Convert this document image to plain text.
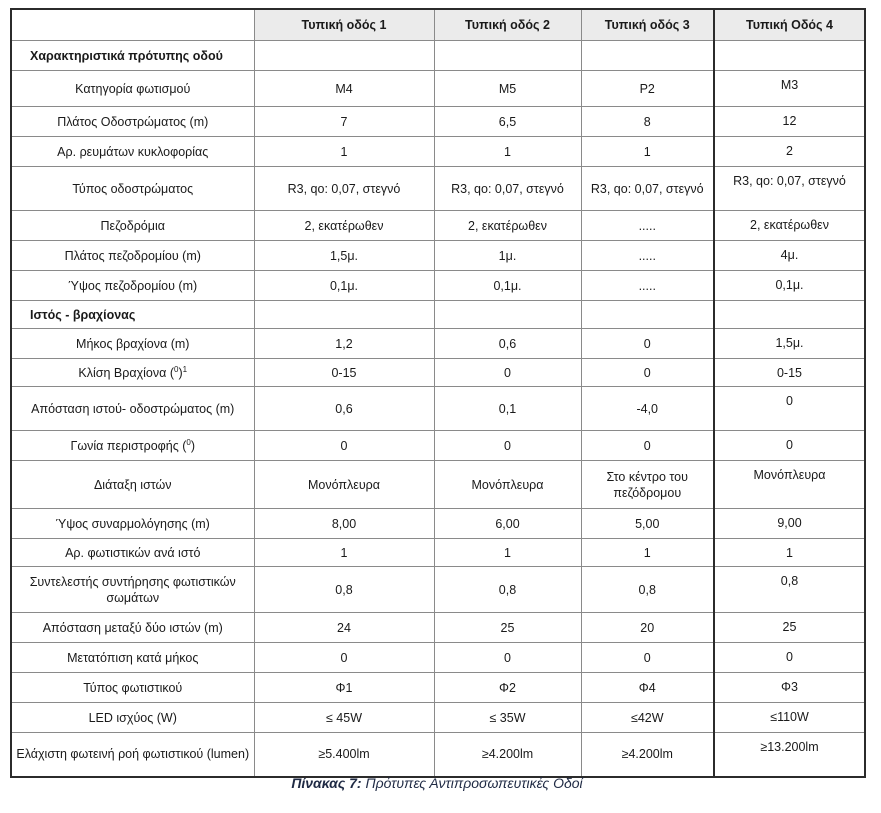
	Τυπική οδός 1	Τυπική οδός 2	Τυπική οδός 3	Τυπική Οδός 4
Χαρακτηριστικά πρότυπης οδού				
Κατηγορία φωτισμού	Μ4	Μ5	Ρ2	Μ3
Πλάτος Οδοστρώματος (m)	7	6,5	8	12
Αρ. ρευμάτων κυκλοφορίας	1	1	1	2
Τύπος οδοστρώματος	R3, qo: 0,07, στεγνό	R3, qo: 0,07, στεγνό	R3, qo: 0,07, στεγνό	R3, qo: 0,07, στεγνό
Πεζοδρόμια	2, εκατέρωθεν	2, εκατέρωθεν	.....	2, εκατέρωθεν
Πλάτος πεζοδρομίου (m)	1,5μ.	1μ.	.....	4μ.
Ύψος πεζοδρομίου (m)	0,1μ.	0,1μ.	.....	0,1μ.
Ιστός - βραχίονας				
Μήκος βραχίονα (m)	1,2	0,6	0	1,5μ.
Κλίση Βραχίονα $(^0)^1$	0-15	0	0	0-15
Απόσταση ιστού- οδοστρώματος (m)	0,6	0,1	-4,0	0
Γωνία περιστροφής ($^0$)	0	0	0	0
Διάταξη ιστών	Μονόπλευρα	Μονόπλευρα	Στο κέντρο του πεζόδρομου	Μονόπλευρα
Ύψος συναρμολόγησης (m)	8,00	6,00	5,00	9,00
Αρ. φωτιστικών ανά ιστό	1	1	1	1
Συντελεστής συντήρησης φωτιστικών σωμάτων	0,8	0,8	0,8	0,8
Απόσταση μεταξύ δύο ιστών (m)	24	25	20	25
Μετατόπιση κατά μήκος	0	0	0	0
Τύπος φωτιστικού	Φ1	Φ2	Φ4	Φ3
LED ισχύος (W)	≤ 45W	≤ 35W	≤42W	≤110W
Ελάχιστη φωτεινή ροή φωτιστικού (lumen)	≥5.400lm	≥4.200lm	≥4.200lm	≥13.200lm
Πίνακας 7: Πρότυπες Αντιπροσωπευτικές Οδοί
